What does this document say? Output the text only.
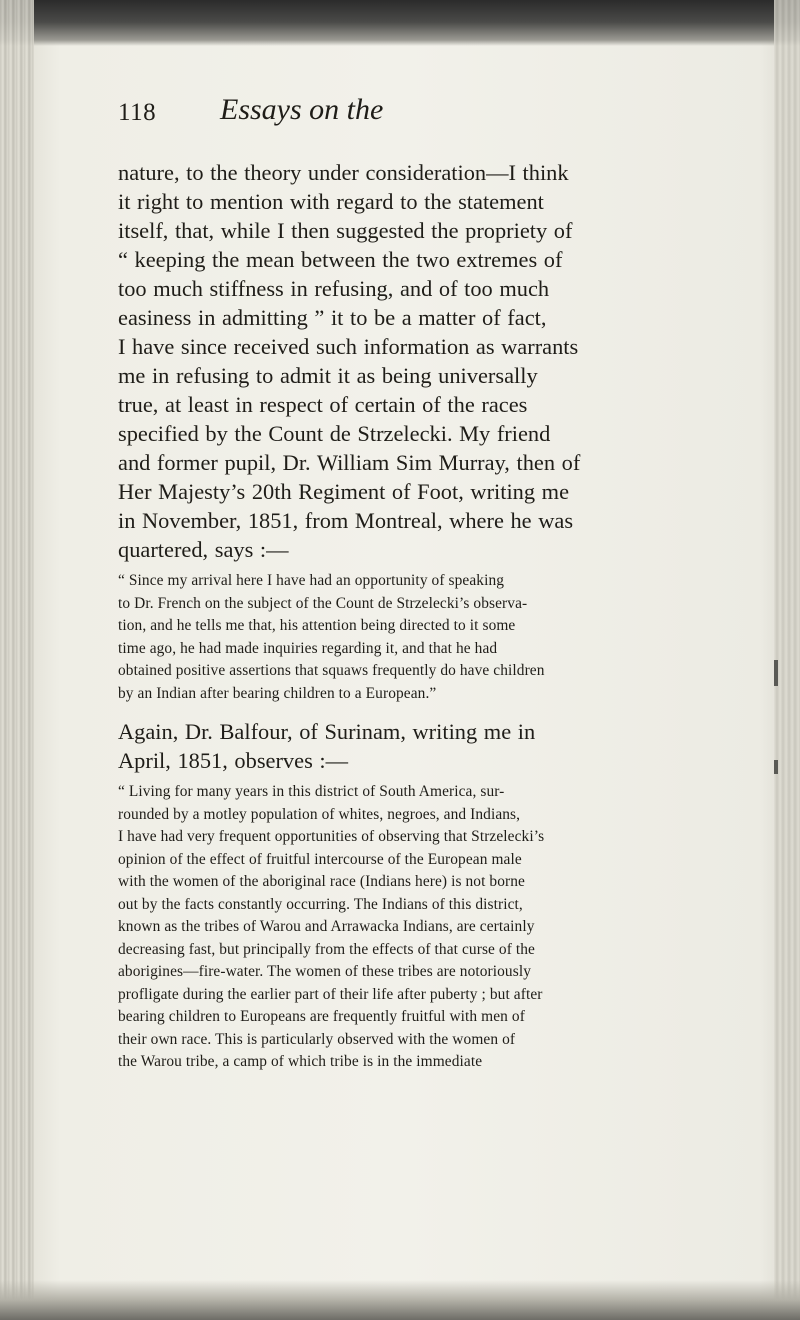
118 Essays on the
nature, to the theory under consideration—I think
it right to mention with regard to the statement
itself, that, while I then suggested the propriety of
“ keeping the mean between the two extremes of
too much stiffness in refusing, and of too much
easiness in admitting ” it to be a matter of fact,
I have since received such information as warrants
me in refusing to admit it as being universally
true, at least in respect of certain of the races
specified by the Count de Strzelecki. My friend
and former pupil, Dr. William Sim Murray, then of
Her Majesty’s 20th Regiment of Foot, writing me
in November, 1851, from Montreal, where he was
quartered, says :—
“ Since my arrival here I have had an opportunity of speaking
to Dr. French on the subject of the Count de Strzelecki’s observa-
tion, and he tells me that, his attention being directed to it some
time ago, he had made inquiries regarding it, and that he had
obtained positive assertions that squaws frequently do have children
by an Indian after bearing children to a European.”
Again, Dr. Balfour, of Surinam, writing me in
April, 1851, observes :—
“ Living for many years in this district of South America, sur-
rounded by a motley population of whites, negroes, and Indians,
I have had very frequent opportunities of observing that Strzelecki’s
opinion of the effect of fruitful intercourse of the European male
with the women of the aboriginal race (Indians here) is not borne
out by the facts constantly occurring. The Indians of this district,
known as the tribes of Warou and Arrawacka Indians, are certainly
decreasing fast, but principally from the effects of that curse of the
aborigines—fire-water. The women of these tribes are notoriously
profligate during the earlier part of their life after puberty ; but after
bearing children to Europeans are frequently fruitful with men of
their own race. This is particularly observed with the women of
the Warou tribe, a camp of which tribe is in the immediate
